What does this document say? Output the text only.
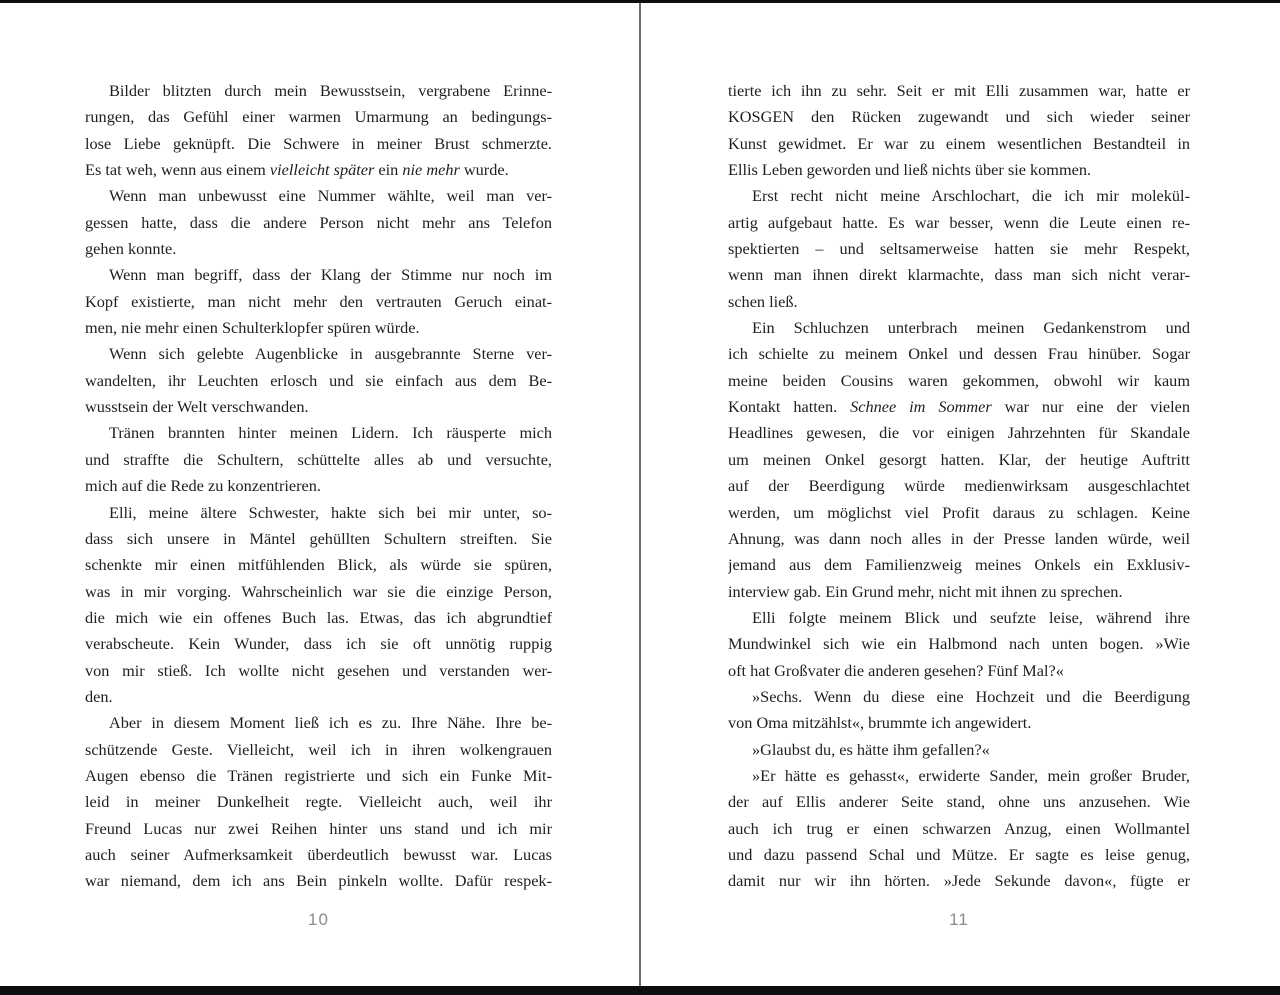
Bilder blitzten durch mein Bewusstsein, vergrabene Erinne-
rungen, das Gefühl einer warmen Umarmung an bedingungs-
lose Liebe geknüpft. Die Schwere in meiner Brust schmerzte.
Es tat weh, wenn aus einem vielleicht später ein nie mehr wurde.
Wenn man unbewusst eine Nummer wählte, weil man ver-
gessen hatte, dass die andere Person nicht mehr ans Telefon
gehen konnte.
Wenn man begriff, dass der Klang der Stimme nur noch im
Kopf existierte, man nicht mehr den vertrauten Geruch einat-
men, nie mehr einen Schulterklopfer spüren würde.
Wenn sich gelebte Augenblicke in ausgebrannte Sterne ver-
wandelten, ihr Leuchten erlosch und sie einfach aus dem Be-
wusstsein der Welt verschwanden.
Tränen brannten hinter meinen Lidern. Ich räusperte mich
und straffte die Schultern, schüttelte alles ab und versuchte,
mich auf die Rede zu konzentrieren.
Elli, meine ältere Schwester, hakte sich bei mir unter, so-
dass sich unsere in Mäntel gehüllten Schultern streiften. Sie
schenkte mir einen mitfühlenden Blick, als würde sie spüren,
was in mir vorging. Wahrscheinlich war sie die einzige Person,
die mich wie ein offenes Buch las. Etwas, das ich abgrundtief
verabscheute. Kein Wunder, dass ich sie oft unnötig ruppig
von mir stieß. Ich wollte nicht gesehen und verstanden wer-
den.
Aber in diesem Moment ließ ich es zu. Ihre Nähe. Ihre be-
schützende Geste. Vielleicht, weil ich in ihren wolkengrauen
Augen ebenso die Tränen registrierte und sich ein Funke Mit-
leid in meiner Dunkelheit regte. Vielleicht auch, weil ihr
Freund Lucas nur zwei Reihen hinter uns stand und ich mir
auch seiner Aufmerksamkeit überdeutlich bewusst war. Lucas
war niemand, dem ich ans Bein pinkeln wollte. Dafür respek-
10
tierte ich ihn zu sehr. Seit er mit Elli zusammen war, hatte er
KOSGEN den Rücken zugewandt und sich wieder seiner
Kunst gewidmet. Er war zu einem wesentlichen Bestandteil in
Ellis Leben geworden und ließ nichts über sie kommen.
Erst recht nicht meine Arschlochart, die ich mir molekül-
artig aufgebaut hatte. Es war besser, wenn die Leute einen re-
spektierten – und seltsamerweise hatten sie mehr Respekt,
wenn man ihnen direkt klarmachte, dass man sich nicht verar-
schen ließ.
Ein Schluchzen unterbrach meinen Gedankenstrom und
ich schielte zu meinem Onkel und dessen Frau hinüber. Sogar
meine beiden Cousins waren gekommen, obwohl wir kaum
Kontakt hatten. Schnee im Sommer war nur eine der vielen
Headlines gewesen, die vor einigen Jahrzehnten für Skandale
um meinen Onkel gesorgt hatten. Klar, der heutige Auftritt
auf der Beerdigung würde medienwirksam ausgeschlachtet
werden, um möglichst viel Profit daraus zu schlagen. Keine
Ahnung, was dann noch alles in der Presse landen würde, weil
jemand aus dem Familienzweig meines Onkels ein Exklusiv-
interview gab. Ein Grund mehr, nicht mit ihnen zu sprechen.
Elli folgte meinem Blick und seufzte leise, während ihre
Mundwinkel sich wie ein Halbmond nach unten bogen. »Wie
oft hat Großvater die anderen gesehen? Fünf Mal?«
»Sechs. Wenn du diese eine Hochzeit und die Beerdigung
von Oma mitzählst«, brummte ich angewidert.
»Glaubst du, es hätte ihm gefallen?«
»Er hätte es gehasst«, erwiderte Sander, mein großer Bruder,
der auf Ellis anderer Seite stand, ohne uns anzusehen. Wie
auch ich trug er einen schwarzen Anzug, einen Wollmantel
und dazu passend Schal und Mütze. Er sagte es leise genug,
damit nur wir ihn hörten. »Jede Sekunde davon«, fügte er
11
